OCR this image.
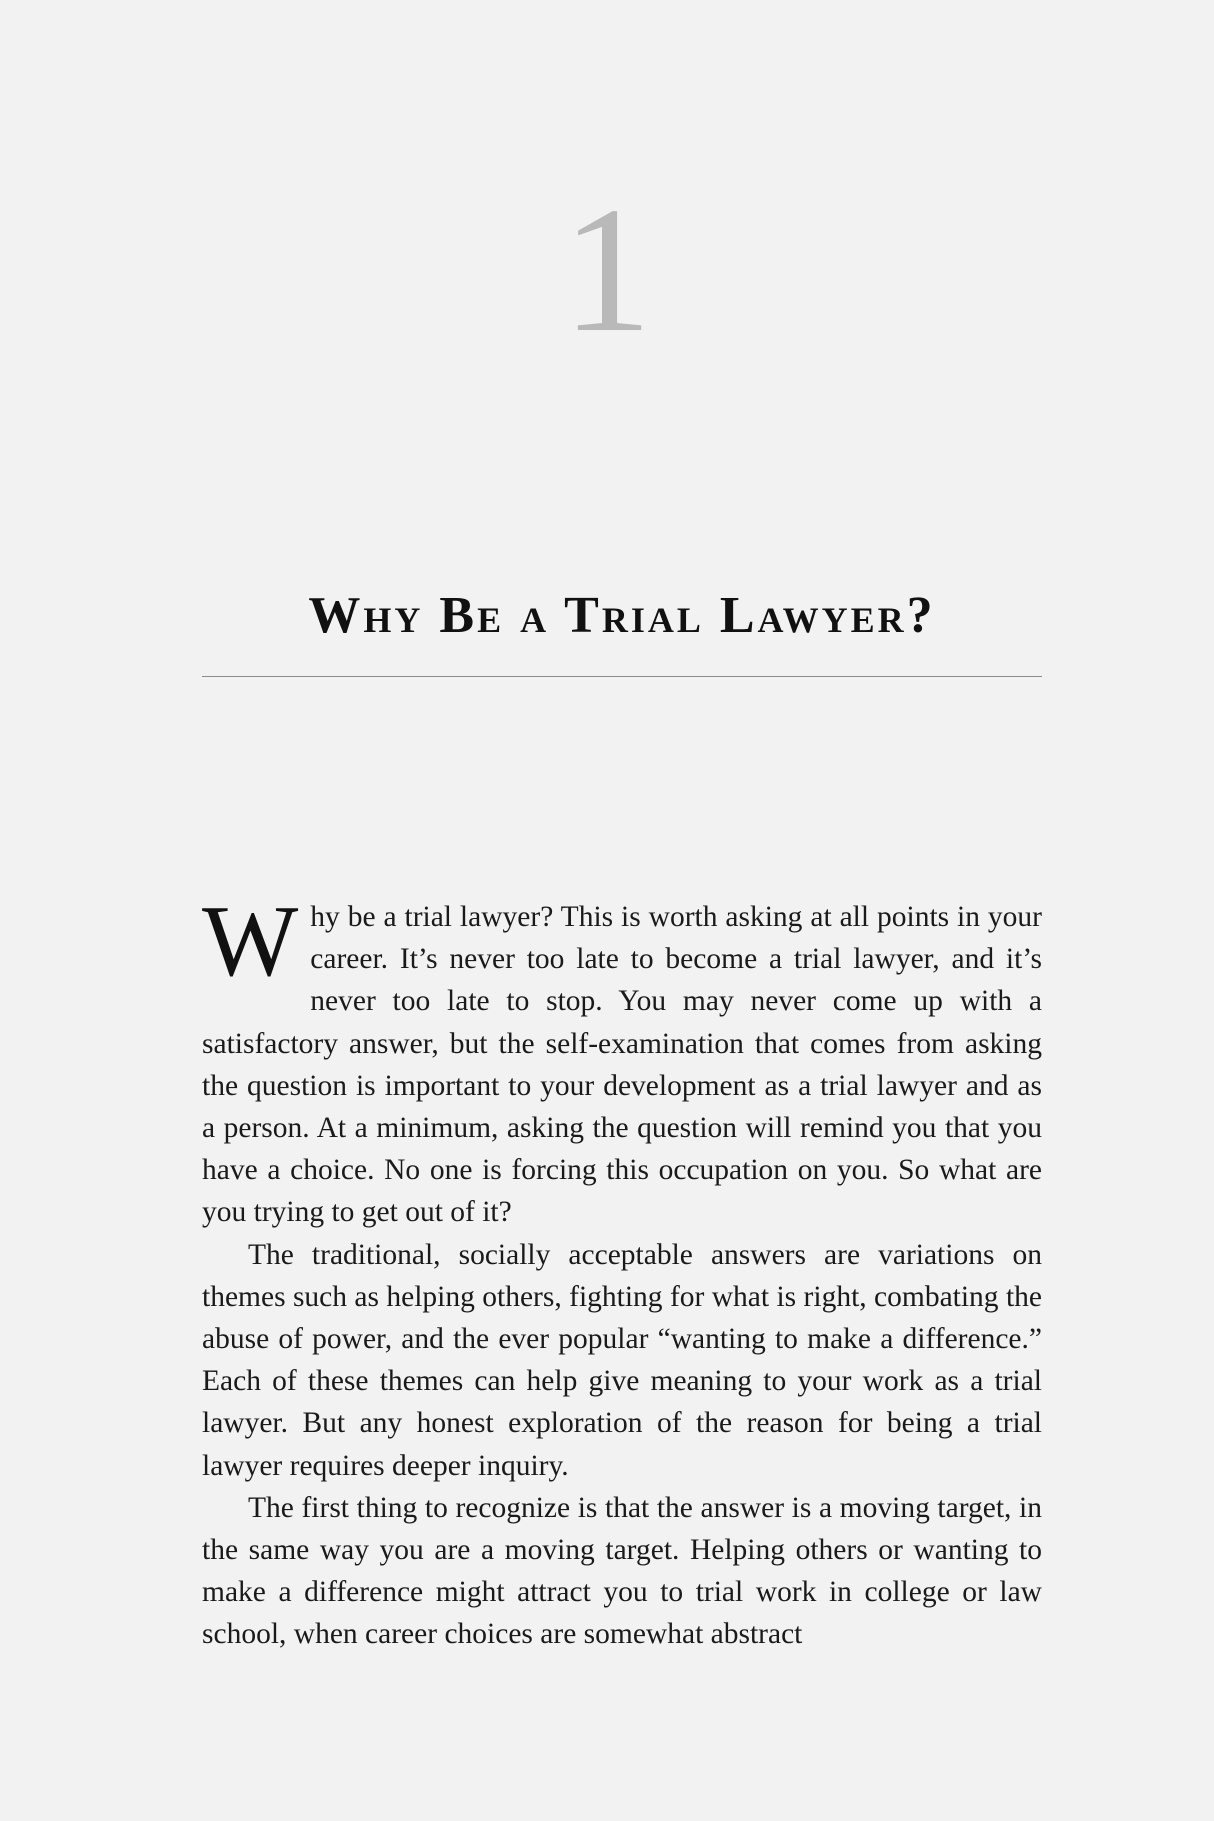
1
Why Be a Trial Lawyer?

Why be a trial lawyer? This is worth asking at all points in your career. It’s never too late to become a trial lawyer, and it’s never too late to stop. You may never come up with a satisfactory answer, but the self-examination that comes from asking the question is important to your development as a trial lawyer and as a person. At a minimum, asking the question will remind you that you have a choice. No one is forcing this occupation on you. So what are you trying to get out of it?

The traditional, socially acceptable answers are variations on themes such as helping others, fighting for what is right, combating the abuse of power, and the ever popular “wanting to make a difference.” Each of these themes can help give meaning to your work as a trial lawyer. But any honest exploration of the reason for being a trial lawyer requires deeper inquiry.

The first thing to recognize is that the answer is a moving target, in the same way you are a moving target. Helping others or wanting to make a difference might attract you to trial work in college or law school, when career choices are somewhat abstract
